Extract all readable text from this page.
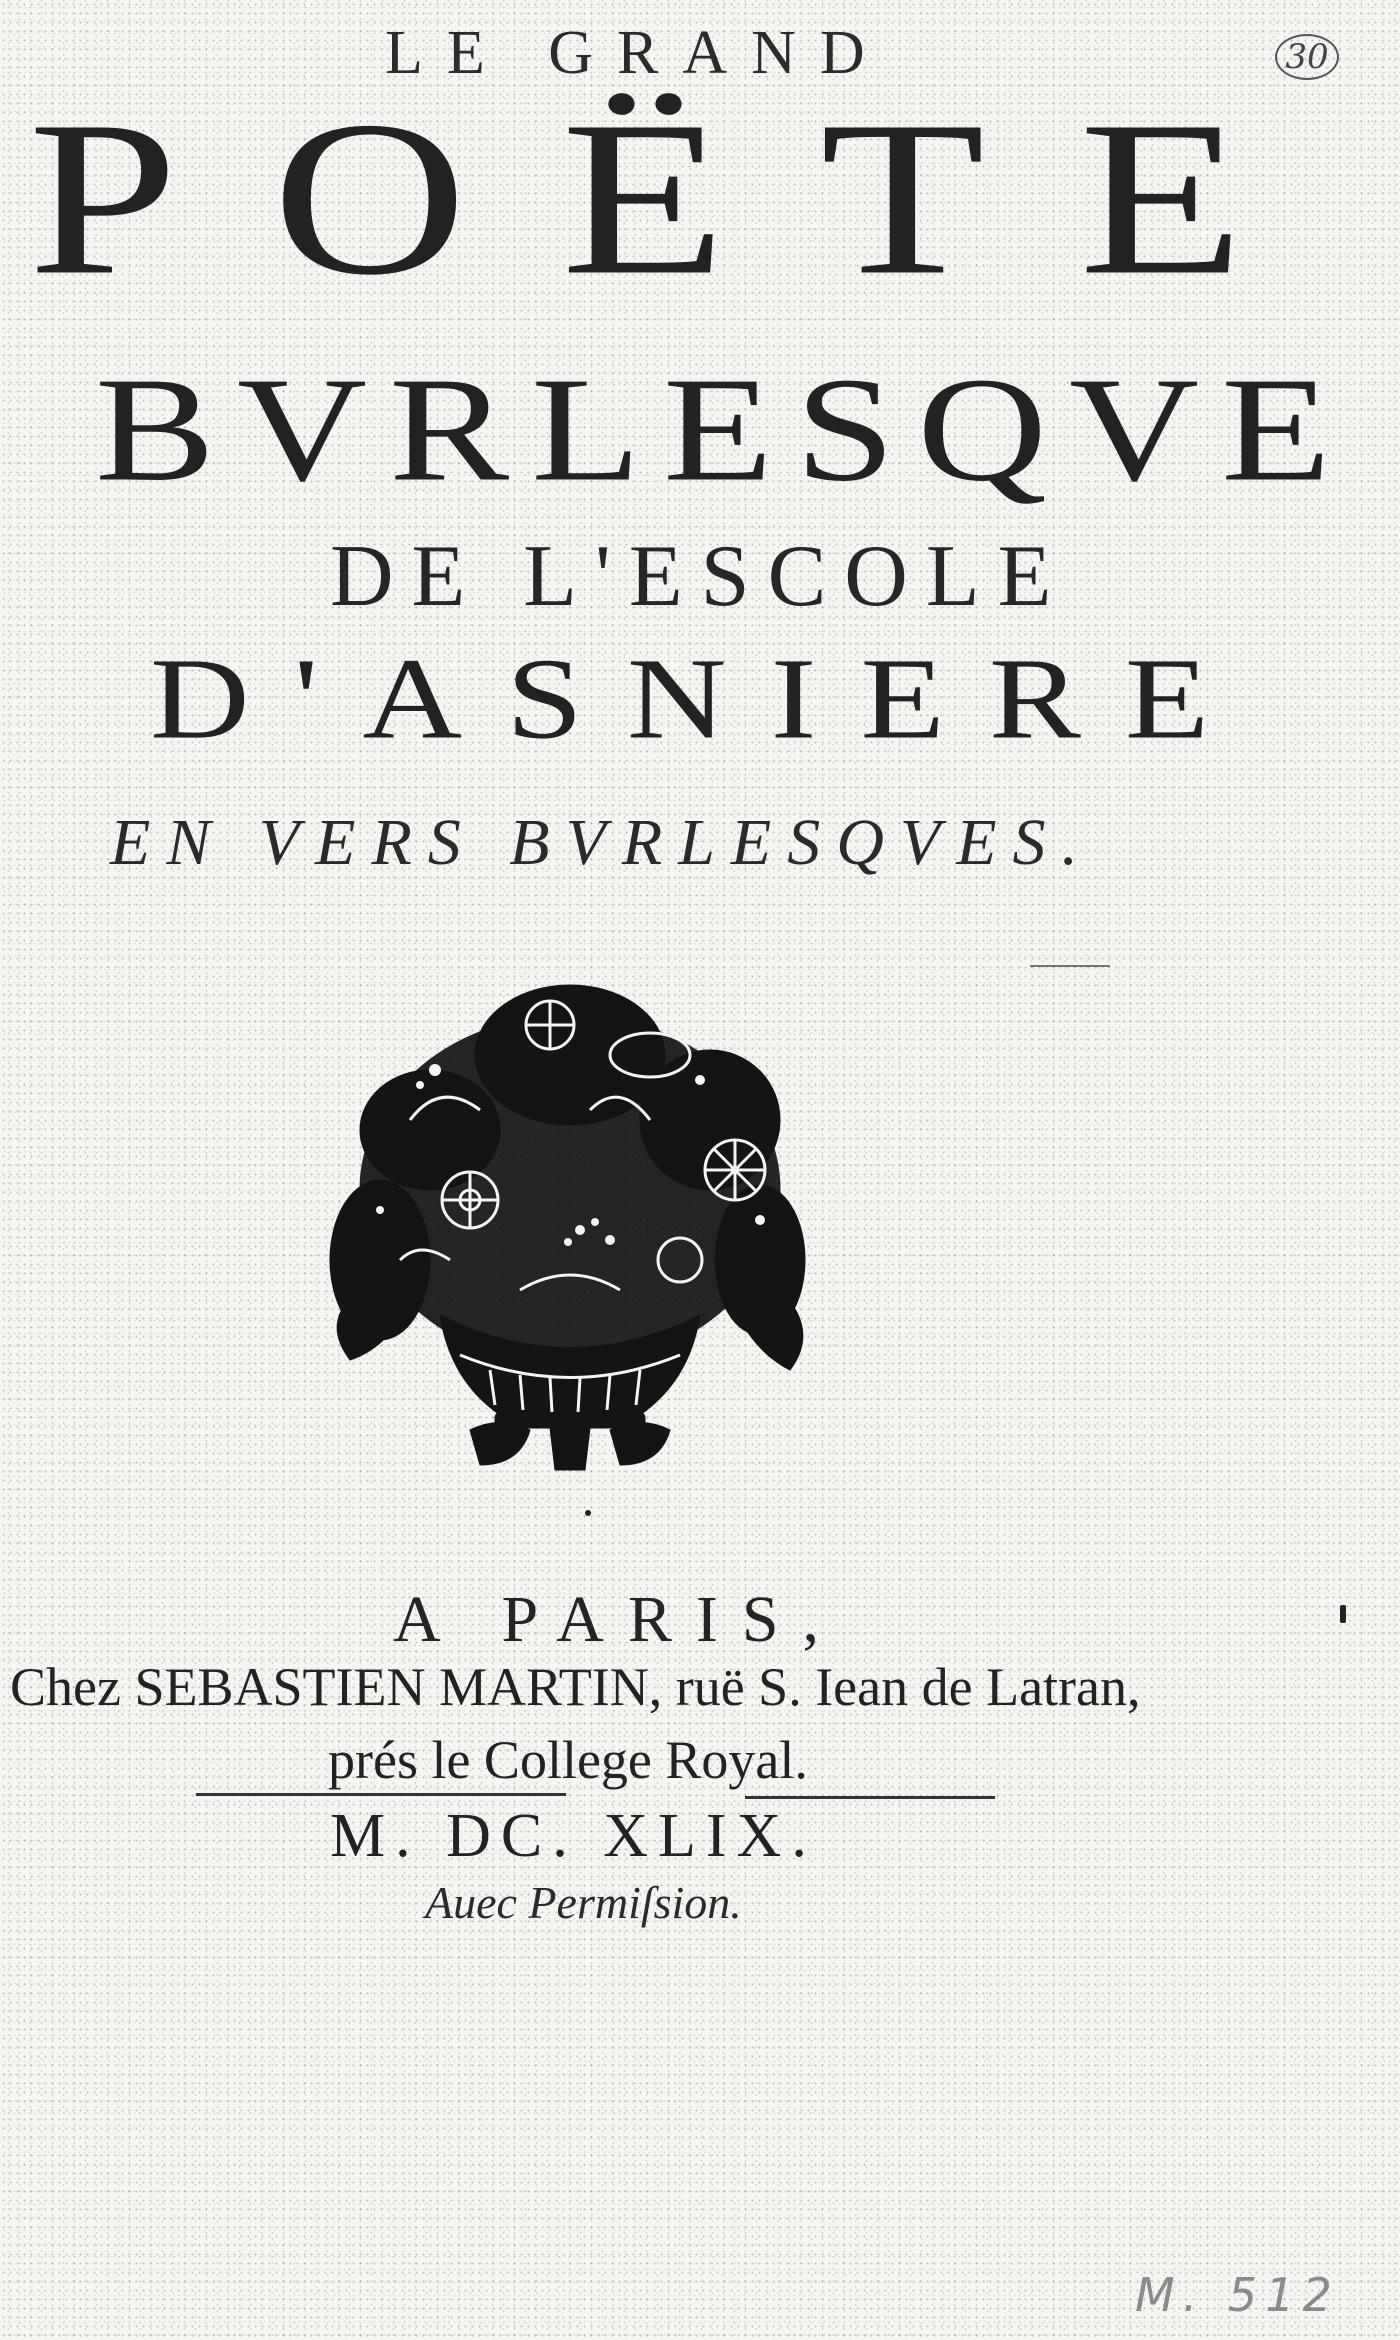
LE GRAND
POËTE
BVRLESQVE
DE L'ESCOLE
D'ASNIERE
EN VERS BVRLESQVES.
A PARIS,
Chez SEBASTIEN MARTIN, ruë S. Iean de Latran,
prés le College Royal.
M. DC. XLIX.
Auec Permiſsion.
30
M. 512
